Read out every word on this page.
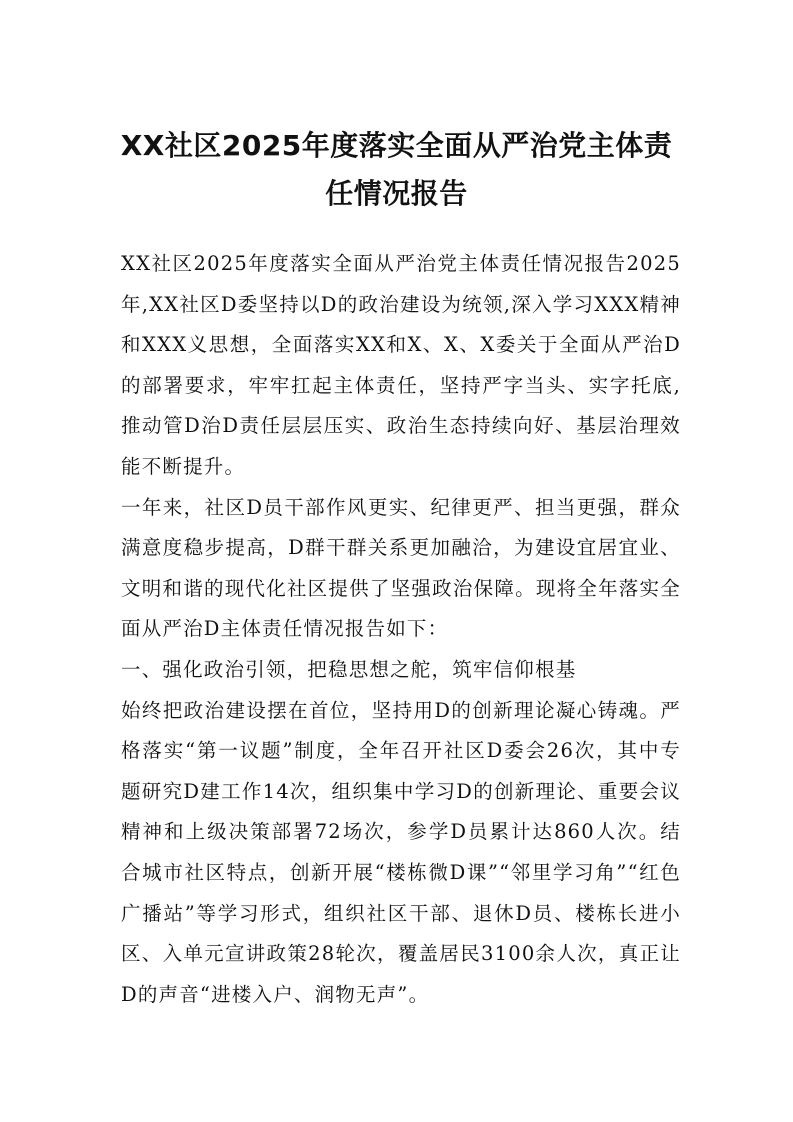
XX社区2025年度落实全面从严治党主体责
任情况报告

XX社区2025年度落实全面从严治党主体责任情况报告2025年,XX社区D委坚持以D的政治建设为统领,深入学习XXX精神和XXX义思想，全面落实XX和X、X、X委关于全面从严治D的部署要求，牢牢扛起主体责任，坚持严字当头、实字托底,推动管D治D责任层层压实、政治生态持续向好、基层治理效能不断提升。

一年来，社区D员干部作风更实、纪律更严、担当更强，群众满意度稳步提高，D群干群关系更加融洽，为建设宜居宜业、文明和谐的现代化社区提供了坚强政治保障。现将全年落实全面从严治D主体责任情况报告如下：

一、强化政治引领，把稳思想之舵，筑牢信仰根基

始终把政治建设摆在首位，坚持用D的创新理论凝心铸魂。严格落实“第一议题”制度，全年召开社区D委会26次，其中专题研究D建工作14次，组织集中学习D的创新理论、重要会议精神和上级决策部署72场次，参学D员累计达860人次。结合城市社区特点，创新开展“楼栋微D课”“邻里学习角”“红色广播站”等学习形式，组织社区干部、退休D员、楼栋长进小区、入单元宣讲政策28轮次，覆盖居民3100余人次，真正让D的声音“进楼入户、润物无声”。
